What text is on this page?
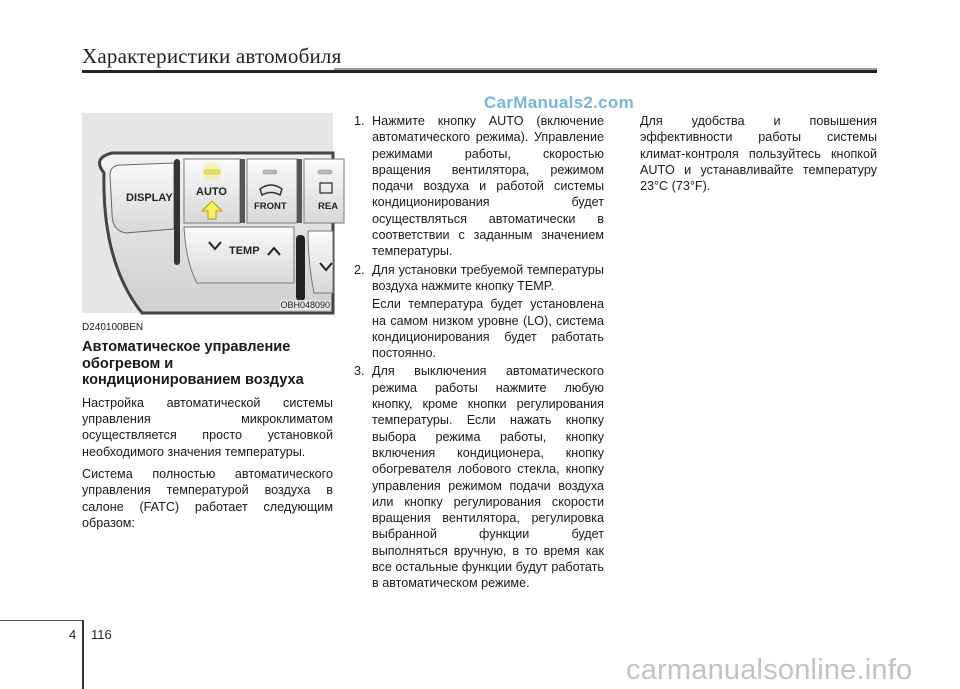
Характеристики автомобиля
CarManuals2.com
DISPLAY AUTO
FRONT	REA
TEMP
OBH048090

D240100BEN

Автоматическое управление обогревом и кондиционированием воздуха

Настройка автоматической системы управления микроклиматом осуществляется просто установкой необходимого значения температуры.

Система полностью автоматического управления температурой воздуха в салоне (FATC) работает следующим образом:

1. Нажмите кнопку AUTO (включение автоматического режима). Управление режимами работы, скоростью вращения вентилятора, режимом подачи воздуха и работой системы кондиционирования будет осуществляться автоматически в соответствии с заданным значением температуры.

2. Для установки требуемой температуры воздуха нажмите кнопку TEMP.

Если температура будет установлена на самом низком уровне (LO), система кондиционирования будет работать постоянно.

3. Для выключения автоматического режима работы нажмите любую кнопку, кроме кнопки регулирования температуры. Если нажать кнопку выбора режима работы, кнопку включения кондиционера, кнопку обогревателя лобового стекла, кнопку управления режимом подачи воздуха или кнопку регулирования скорости вращения вентилятора, регулировка выбранной функции будет выполняться вручную, в то время как все остальные функции будут работать в автоматическом режиме.

Для удобства и повышения эффективности работы системы климат-контроля пользуйтесь кнопкой AUTO и устанавливайте температуру 23°C (73°F).

4 116
carmanualsonline.info
